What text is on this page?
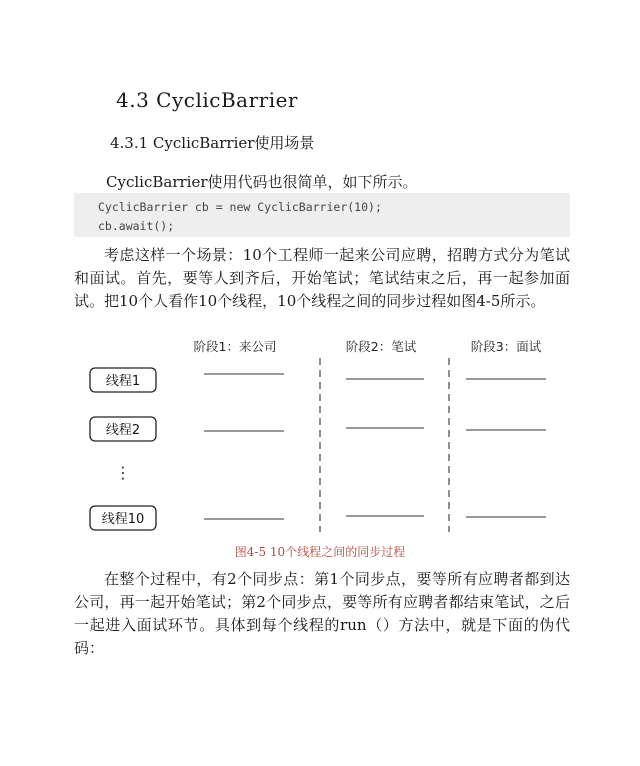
4.3 CyclicBarrier
4.3.1 CyclicBarrier使用场景
CyclicBarrier使用代码也很简单，如下所示。
CyclicBarrier cb = new CyclicBarrier(10);
cb.await();
考虑这样一个场景：10个工程师一起来公司应聘，招聘方式分为笔试和面试。首先，要等人到齐后，开始笔试；笔试结束之后，再一起参加面试。把10个人看作10个线程，10个线程之间的同步过程如图4-5所示。
阶段1：来公司	阶段2：笔试	阶段3：面试
线程1
线程2
⋮
线程10
图4-5 10个线程之间的同步过程
在整个过程中，有2个同步点：第1个同步点，要等所有应聘者都到达公司，再一起开始笔试；第2个同步点，要等所有应聘者都结束笔试，之后一起进入面试环节。具体到每个线程的run（）方法中，就是下面的伪代码：
